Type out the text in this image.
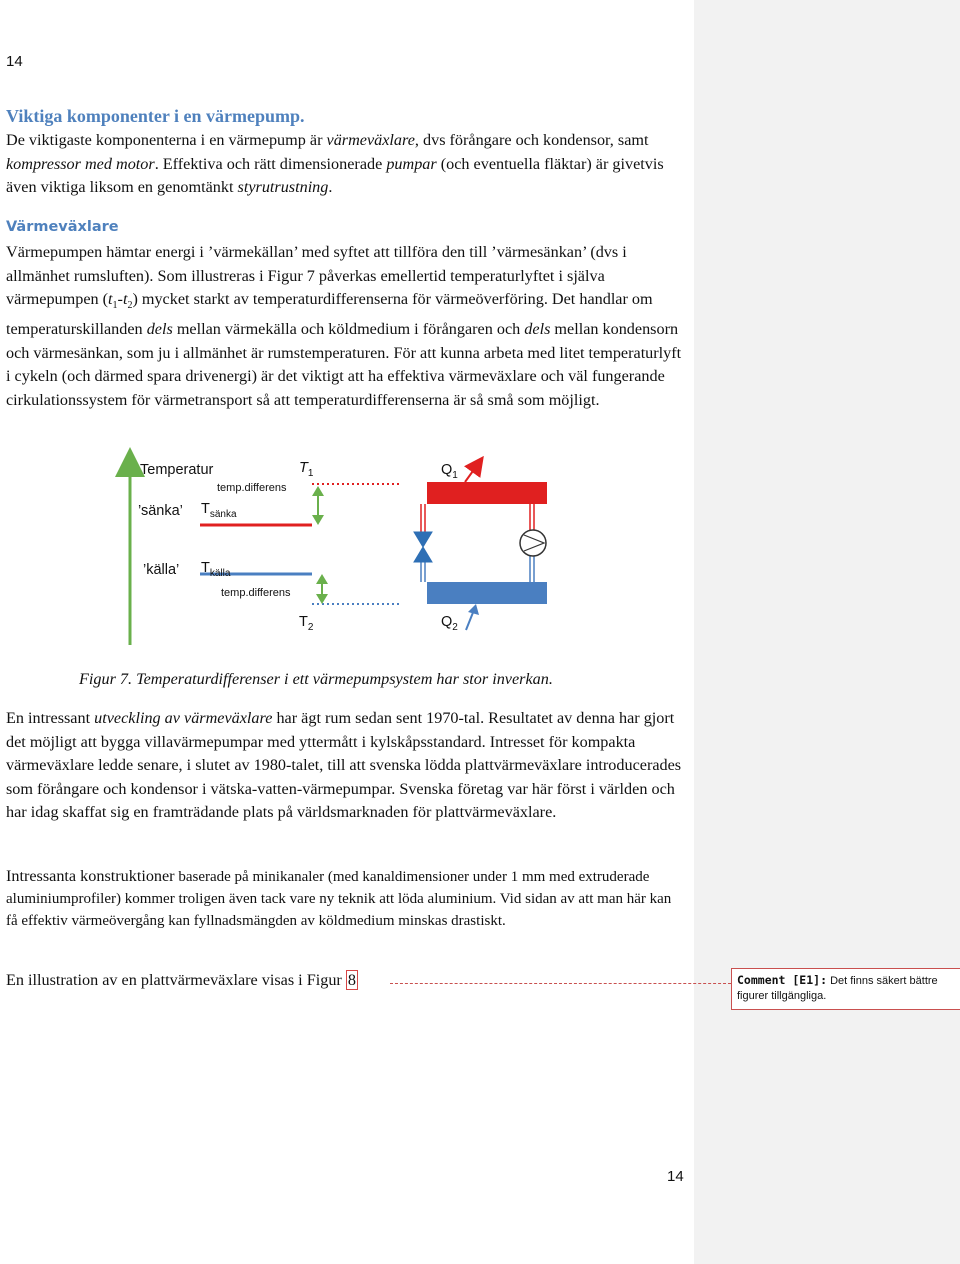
14
Viktiga komponenter i en värmepump.

De viktigaste komponenterna i en värmepump är värmeväxlare, dvs förångare och kondensor, samt kompressor med motor. Effektiva och rätt dimensionerade pumpar (och eventuella fläktar) är givetvis även viktiga liksom en genomtänkt styrutrustning.

Värmeväxlare

Värmepumpen hämtar energi i ’värmekällan’ med syftet att tillföra den till ’värmesänkan’ (dvs i allmänhet rumsluften). Som illustreras i Figur 7 påverkas emellertid temperaturlyftet i själva värmepumpen $(t_1-t_2)$ mycket starkt av temperaturdifferenserna för värmeöverföring. Det handlar om temperaturskillanden dels mellan värmekälla och köldmedium i förångaren och dels mellan kondensorn och värmesänkan, som ju i allmänhet är rumstemperaturen. För att kunna arbeta med litet temperaturlyft i cykeln (och därmed spara drivenergi) är det viktigt att ha effektiva värmeväxlare och väl fungerande cirkulationssystem för värmetransport så att temperaturdifferenserna är så små som möjligt.

Temperatur	$T_1$
temp.differens
’sänka’ $T_{sänka}$
’källa’ $T_{källa}$
temp.differens
$T_2$
$Q_1$
$Q_2$

Figur 7. Temperaturdifferenser i ett värmepumpsystem har stor inverkan.

En intressant utveckling av värmeväxlare har ägt rum sedan sent 1970-tal. Resultatet av denna har gjort det möjligt att bygga villavärmepumpar med yttermått i kylskåpsstandard. Intresset för kompakta värmeväxlare ledde senare, i slutet av 1980-talet, till att svenska lödda plattvärmeväxlare introducerades som förångare och kondensor i vätska-vatten-värmepumpar. Svenska företag var här först i världen och har idag skaffat sig en framträdande plats på världsmarknaden för plattvärmeväxlare.

Intressanta konstruktioner baserade på minikanaler (med kanaldimensioner under 1 mm med extruderade aluminiumprofiler) kommer troligen även tack vare ny teknik att löda aluminium. Vid sidan av att man här kan få effektiv värmeövergång kan fyllnadsmängden av köldmedium minskas drastiskt.

En illustration av en plattvärmeväxlare visas i Figur 8	Comment [E1]: Det finns säkert bättre figurer tillgängliga.
14
